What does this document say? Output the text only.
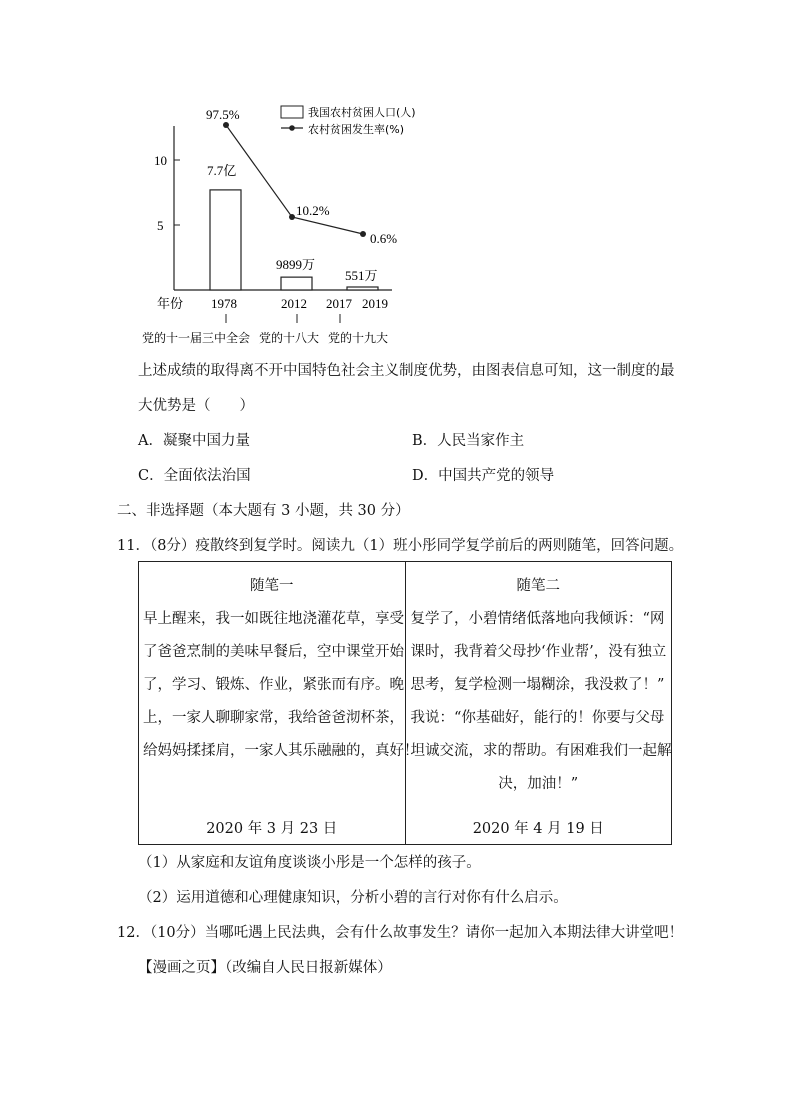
10
5
我国农村贫困人口(人)
农村贫困发生率(%)
7.7亿
9899万
551万
97.5%
10.2%
0.6%
年份 1978	2012 2017 2019
党的十一届三中全会 党的十八大 党的十九大
上述成绩的取得离不开中国特色社会主义制度优势，由图表信息可知，这一制度的最
大优势是（　　）
A．凝聚中国力量	B．人民当家作主
C．全面依法治国	D．中国共产党的领导
二、非选择题（本大题有 3 小题，共 30 分）
11．（8分）疫散终到复学时。阅读九（1）班小彤同学复学前后的两则随笔，回答问题。
随笔一
早上醒来，我一如既往地浇灌花草，享受
了爸爸烹制的美味早餐后，空中课堂开始
了，学习、锻炼、作业，紧张而有序。晚
上，一家人聊聊家常，我给爸爸沏杯茶，
给妈妈揉揉肩，一家人其乐融融的，真好！
2020 年 3 月 23 日

随笔二
复学了，小碧情绪低落地向我倾诉：“网
课时，我背着父母抄‘作业帮’，没有独立
思考，复学检测一塌糊涂，我没救了！”
我说：“你基础好，能行的！你要与父母
坦诚交流，求的帮助。有困难我们一起解
决，加油！”
2020 年 4 月 19 日
（1）从家庭和友谊角度谈谈小彤是一个怎样的孩子。
（2）运用道德和心理健康知识，分析小碧的言行对你有什么启示。
12．（10分）当哪吒遇上民法典，会有什么故事发生？请你一起加入本期法律大讲堂吧！
【漫画之页】（改编自人民日报新媒体）
